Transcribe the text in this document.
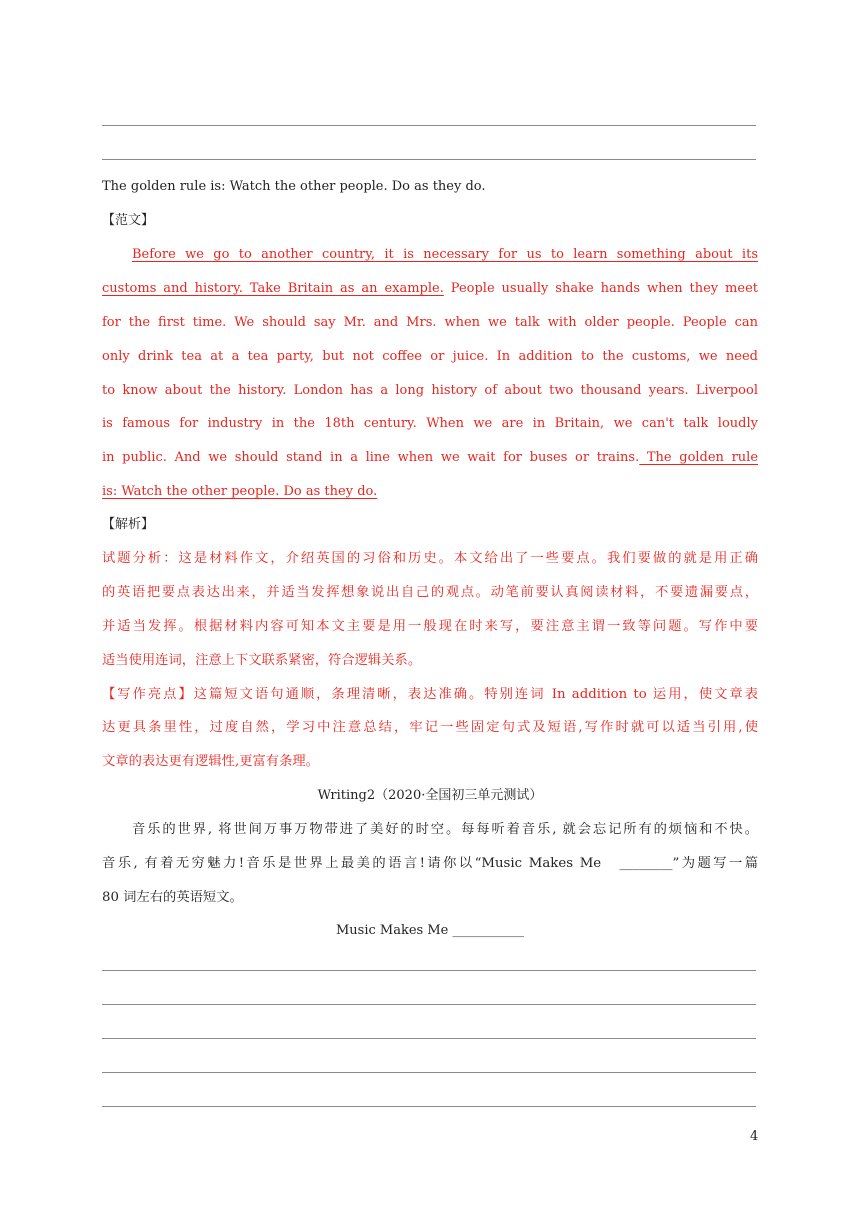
The golden rule is: Watch the other people. Do as they do.
【范文】
Before we go to another country, it is necessary for us to learn something about its
customs and history. Take Britain as an example. People usually shake hands when they meet
for the first time. We should say Mr. and Mrs. when we talk with older people. People can
only drink tea at a tea party, but not coffee or juice. In addition to the customs, we need
to know about the history. London has a long history of about two thousand years. Liverpool
is famous for industry in the 18th century. When we are in Britain, we can't talk loudly
in public. And we should stand in a line when we wait for buses or trains. The golden rule
is: Watch the other people. Do as they do.
【解析】
试题分析：这是材料作文，介绍英国的习俗和历史。本文给出了一些要点。我们要做的就是用正确
的英语把要点表达出来，并适当发挥想象说出自己的观点。动笔前要认真阅读材料，不要遗漏要点，
并适当发挥。根据材料内容可知本文主要是用一般现在时来写，要注意主谓一致等问题。写作中要
适当使用连词，注意上下文联系紧密，符合逻辑关系。
【写作亮点】这篇短文语句通顺，条理清晰，表达准确。特别连词 In addition to 运用，使文章表
达更具条里性，过度自然，学习中注意总结，牢记一些固定句式及短语,写作时就可以适当引用,使
文章的表达更有逻辑性,更富有条理。
Writing2（2020·全国初三单元测试）
音乐的世界, 将世间万事万物带进了美好的时空。每每听着音乐, 就会忘记所有的烦恼和不快。
音乐, 有着无穷魅力!音乐是世界上最美的语言!请你以“Music Makes Me　________”为题写一篇
80 词左右的英语短文。
Music Makes Me ___________
4
